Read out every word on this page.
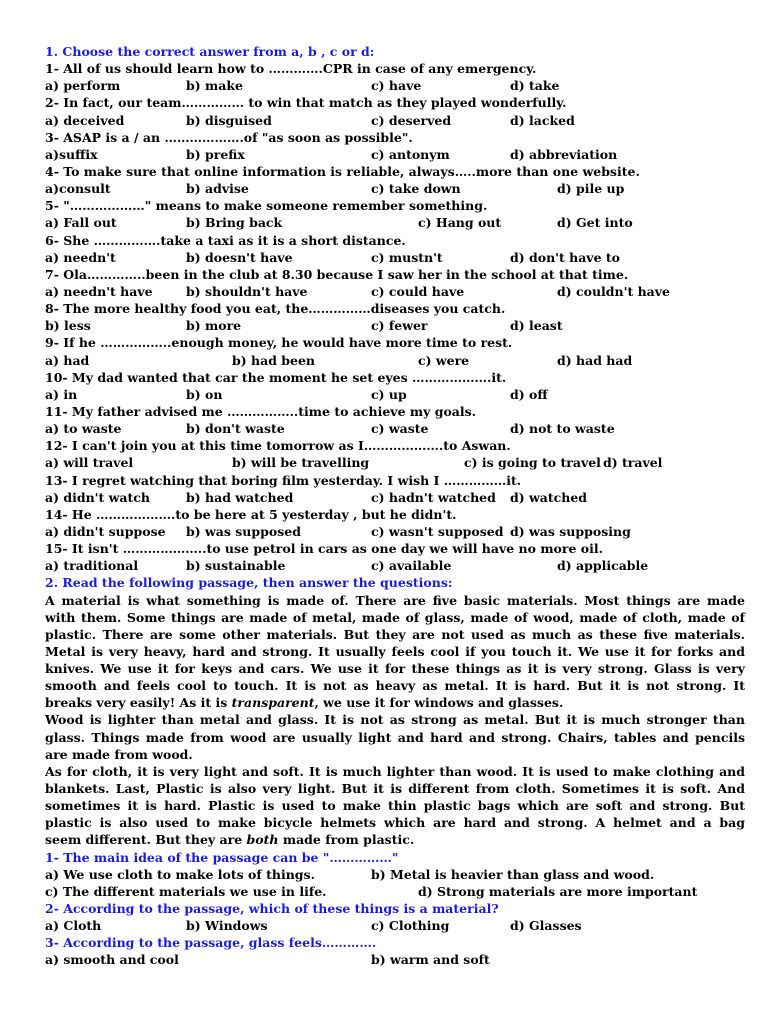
1. Choose the correct answer from a, b , c or d:
1- All of us should learn how to ………….CPR in case of any emergency.
a) perform	b) make	c) have	d) take
2- In fact, our team…………… to win that match as they played wonderfully.
a) deceived	b) disguised	c) deserved	d) lacked
3- ASAP is a / an ……………….of "as soon as possible".
a)suffix	b) prefix	c) antonym	d) abbreviation
4- To make sure that online information is reliable, always…..more than one website.
a)consult	b) advise	c) take down	d) pile up
5- "………………" means to make someone remember something.
a) Fall out	b) Bring back	c) Hang out	d) Get into
6- She …………….take a taxi as it is a short distance.
a) needn't	b) doesn't have	c) mustn't	d) don't have to
7- Ola…………..been in the club at 8.30 because I saw her in the school at that time.
a) needn't have	b) shouldn't have	c) could have	d) couldn't have
8- The more healthy food you eat, the……………diseases you catch.
b) less	b) more	c) fewer	d) least
9- If he ……………..enough money, he would have more time to rest.
a) had	b) had been	c) were	d) had had
10- My dad wanted that car the moment he set eyes ……………….it.
a) in	b) on	c) up	d) off
11- My father advised me ……………..time to achieve my goals.
a) to waste	b) don't waste	c) waste	d) not to waste
12- I can't join you at this time tomorrow as I……………….to Aswan.
a) will travel	b) will be travelling	c) is going to travel d) travel
13- I regret watching that boring film yesterday. I wish I ……………it.
a) didn't watch	b) had watched	c) hadn't watched d) watched
14- He ……………….to be here at 5 yesterday , but he didn't.
a) didn't suppose b) was supposed	c) wasn't supposed d) was supposing
15- It isn't ………………..to use petrol in cars as one day we will have no more oil.
a) traditional	b) sustainable	c) available	d) applicable
2. Read the following passage, then answer the questions:
A material is what something is made of. There are five basic materials. Most things are made
with them. Some things are made of metal, made of glass, made of wood, made of cloth, made of
plastic. There are some other materials. But they are not used as much as these five materials.
Metal is very heavy, hard and strong. It usually feels cool if you touch it. We use it for forks and
knives. We use it for keys and cars. We use it for these things as it is very strong. Glass is very
smooth and feels cool to touch. It is not as heavy as metal. It is hard. But it is not strong. It
breaks very easily! As it is transparent, we use it for windows and glasses.
Wood is lighter than metal and glass. It is not as strong as metal. But it is much stronger than
glass. Things made from wood are usually light and hard and strong. Chairs, tables and pencils
are made from wood.
As for cloth, it is very light and soft. It is much lighter than wood. It is used to make clothing and
blankets. Last, Plastic is also very light. But it is different from cloth. Sometimes it is soft. And
sometimes it is hard. Plastic is used to make thin plastic bags which are soft and strong. But
plastic is also used to make bicycle helmets which are hard and strong. A helmet and a bag
seem different. But they are both made from plastic.
1- The main idea of the passage can be "……………"
a) We use cloth to make lots of things.	b) Metal is heavier than glass and wood.
c) The different materials we use in life.	d) Strong materials are more important
2- According to the passage, which of these things is a material?
a) Cloth	b) Windows	c) Clothing	d) Glasses
3- According to the passage, glass feels………….
a) smooth and cool	b) warm and soft
